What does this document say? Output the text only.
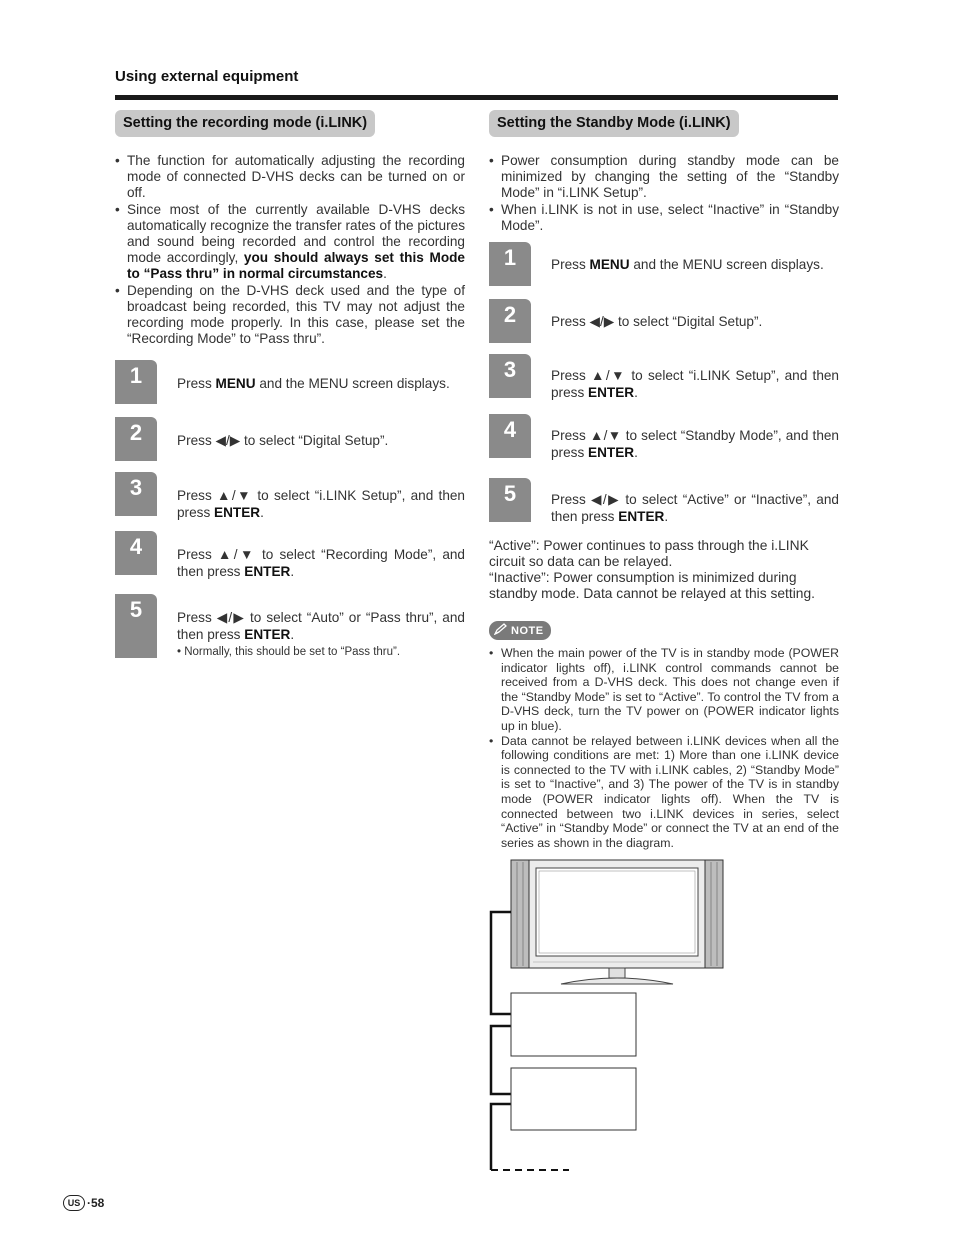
Using external equipment
Setting the recording mode (i.LINK)
• The function for automatically adjusting the recording mode of connected D-VHS decks can be turned on or off.
• Since most of the currently available D-VHS decks automatically recognize the transfer rates of the pictures and sound being recorded and control the recording mode accordingly, you should always set this Mode to “Pass thru” in normal circumstances.
• Depending on the D-VHS deck used and the type of broadcast being recorded, this TV may not adjust the recording mode properly. In this case, please set the “Recording Mode” to “Pass thru”.
1	Press MENU and the MENU screen displays.
2	Press ◀/▶ to select “Digital Setup”.
3	Press ▲/▼ to select “i.LINK Setup”, and then press ENTER.
4	Press ▲/▼ to select “Recording Mode”, and then press ENTER.
5	Press ◀/▶ to select “Auto” or “Pass thru”, and then press ENTER.
• Normally, this should be set to “Pass thru”.
Setting the Standby Mode (i.LINK)
• Power consumption during standby mode can be minimized by changing the setting of the “Standby Mode” in “i.LINK Setup”.
• When i.LINK is not in use, select “Inactive” in “Standby Mode”.
1	Press MENU and the MENU screen displays.
2	Press ◀/▶ to select “Digital Setup”.
3	Press ▲/▼ to select “i.LINK Setup”, and then press ENTER.
4	Press ▲/▼ to select “Standby Mode”, and then press ENTER.
5	Press ◀/▶ to select “Active” or “Inactive”, and then press ENTER.
“Active”: Power continues to pass through the i.LINK circuit so data can be relayed.
“Inactive”: Power consumption is minimized during standby mode. Data cannot be relayed at this setting.
NOTE
• When the main power of the TV is in standby mode (POWER indicator lights off), i.LINK control commands cannot be received from a D-VHS deck. This does not change even if the “Standby Mode” is set to “Active”. To control the TV from a D-VHS deck, turn the TV power on (POWER indicator lights up in blue).
• Data cannot be relayed between i.LINK devices when all the following conditions are met: 1) More than one i.LINK device is connected to the TV with i.LINK cables, 2) “Standby Mode” is set to “Inactive”, and 3) The power of the TV is in standby mode (POWER indicator lights off). When the TV is connected between two i.LINK devices in series, select “Active” in “Standby Mode” or connect the TV at an end of the series as shown in the diagram.
US ·58
